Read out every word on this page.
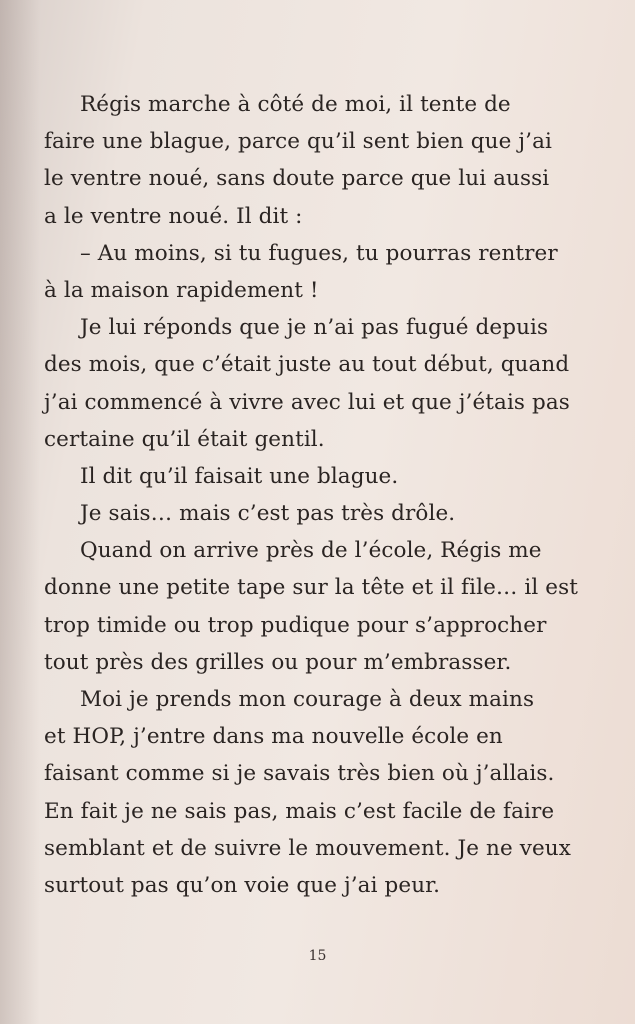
Régis marche à côté de moi, il tente de
faire une blague, parce qu’il sent bien que j’ai
le ventre noué, sans doute parce que lui aussi
a le ventre noué. Il dit :
– Au moins, si tu fugues, tu pourras rentrer
à la maison rapidement !
Je lui réponds que je n’ai pas fugué depuis
des mois, que c’était juste au tout début, quand
j’ai commencé à vivre avec lui et que j’étais pas
certaine qu’il était gentil.
Il dit qu’il faisait une blague.
Je sais… mais c’est pas très drôle.
Quand on arrive près de l’école, Régis me
donne une petite tape sur la tête et il file… il est
trop timide ou trop pudique pour s’approcher
tout près des grilles ou pour m’embrasser.
Moi je prends mon courage à deux mains
et HOP, j’entre dans ma nouvelle école en
faisant comme si je savais très bien où j’allais.
En fait je ne sais pas, mais c’est facile de faire
semblant et de suivre le mouvement. Je ne veux
surtout pas qu’on voie que j’ai peur.
15
